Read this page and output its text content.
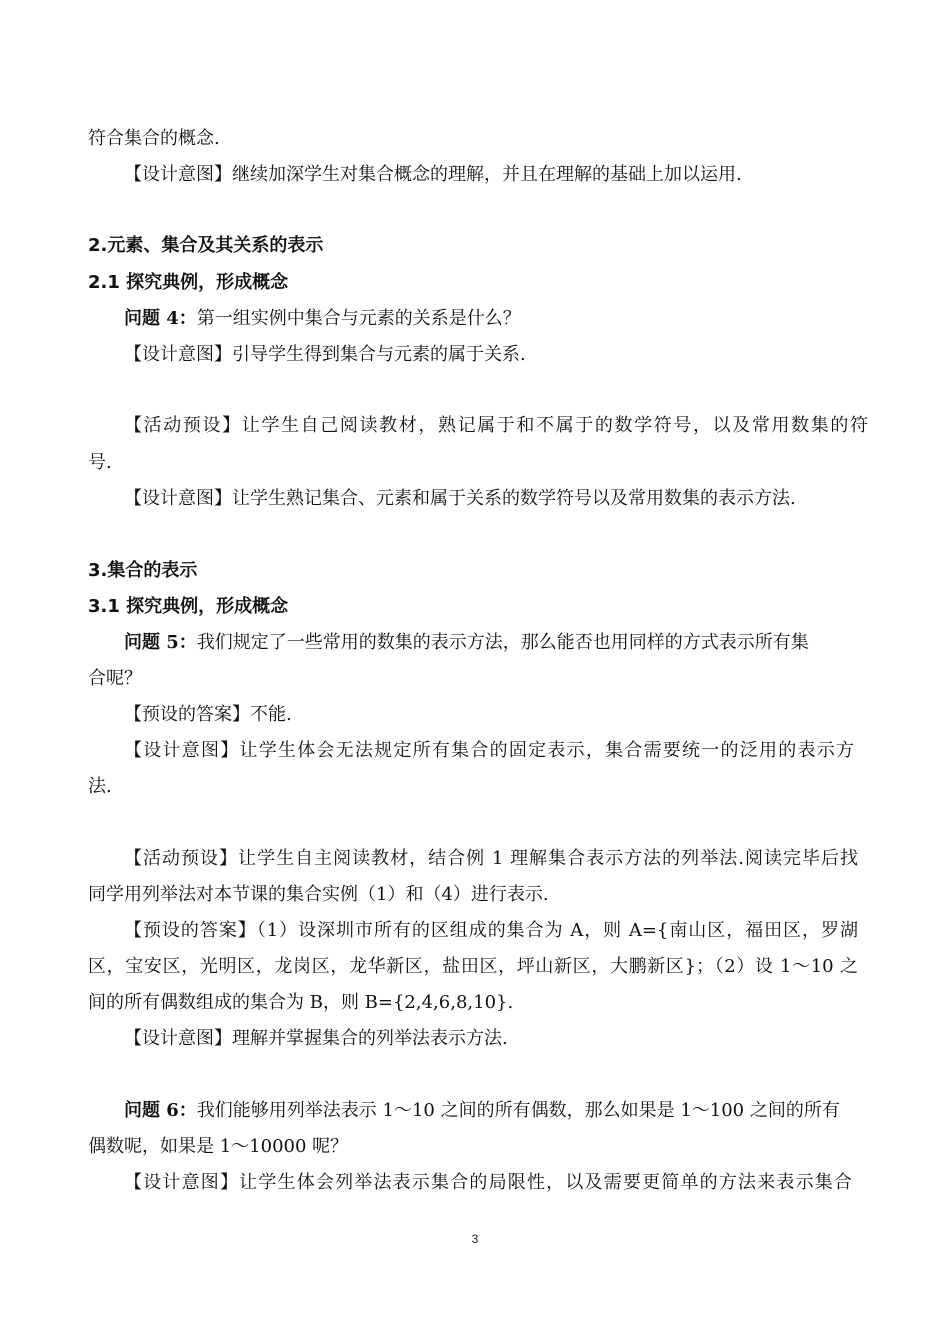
符合集合的概念.
【设计意图】继续加深学生对集合概念的理解，并且在理解的基础上加以运用.
2.元素、集合及其关系的表示
2.1 探究典例，形成概念
问题 4：第一组实例中集合与元素的关系是什么？
【设计意图】引导学生得到集合与元素的属于关系.
【活动预设】让学生自己阅读教材，熟记属于和不属于的数学符号，以及常用数集的符
号.
【设计意图】让学生熟记集合、元素和属于关系的数学符号以及常用数集的表示方法.
3.集合的表示
3.1 探究典例，形成概念
问题 5：我们规定了一些常用的数集的表示方法，那么能否也用同样的方式表示所有集
合呢？
【预设的答案】不能.
【设计意图】让学生体会无法规定所有集合的固定表示，集合需要统一的泛用的表示方
法.
【活动预设】让学生自主阅读教材，结合例 1 理解集合表示方法的列举法.阅读完毕后找
同学用列举法对本节课的集合实例（1）和（4）进行表示.
【预设的答案】（1）设深圳市所有的区组成的集合为 A，则 A={南山区，福田区，罗湖
区，宝安区，光明区，龙岗区，龙华新区，盐田区，坪山新区，大鹏新区}；（2）设 1～10 之
间的所有偶数组成的集合为 B，则 B={2,4,6,8,10}.
【设计意图】理解并掌握集合的列举法表示方法.
问题 6：我们能够用列举法表示 1～10 之间的所有偶数，那么如果是 1～100 之间的所有
偶数呢，如果是 1～10000 呢？
【设计意图】让学生体会列举法表示集合的局限性，以及需要更简单的方法来表示集合
3
